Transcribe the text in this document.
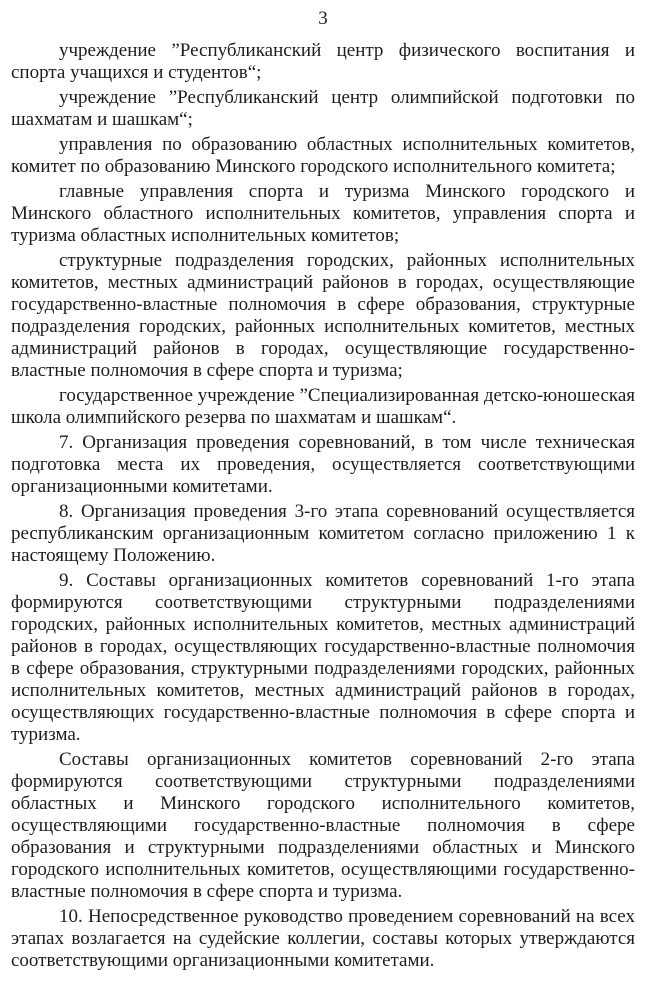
3

учреждение ”Республиканский центр физического воспитания и спорта учащихся и студентов“;

учреждение ”Республиканский центр олимпийской подготовки по шахматам и шашкам“;

управления по образованию областных исполнительных комитетов, комитет по образованию Минского городского исполнительного комитета;

главные управления спорта и туризма Минского городского и Минского областного исполнительных комитетов, управления спорта и туризма областных исполнительных комитетов;

структурные подразделения городских, районных исполнительных комитетов, местных администраций районов в городах, осуществляющие государственно-властные полномочия в сфере образования, структурные подразделения городских, районных исполнительных комитетов, местных администраций районов в городах, осуществляющие государственно-властные полномочия в сфере спорта и туризма;

государственное учреждение ”Специализированная детско-юношеская школа олимпийского резерва по шахматам и шашкам“.

7. Организация проведения соревнований, в том числе техническая подготовка места их проведения, осуществляется соответствующими организационными комитетами.

8. Организация проведения 3-го этапа соревнований осуществляется республиканским организационным комитетом согласно приложению 1 к настоящему Положению.

9. Составы организационных комитетов соревнований 1-го этапа формируются соответствующими структурными подразделениями городских, районных исполнительных комитетов, местных администраций районов в городах, осуществляющих государственно-властные полномочия в сфере образования, структурными подразделениями городских, районных исполнительных комитетов, местных администраций районов в городах, осуществляющих государственно-властные полномочия в сфере спорта и туризма.

Составы организационных комитетов соревнований 2-го этапа формируются соответствующими структурными подразделениями областных и Минского городского исполнительного комитетов, осуществляющими государственно-властные полномочия в сфере образования и структурными подразделениями областных и Минского городского исполнительных комитетов, осуществляющими государственно-властные полномочия в сфере спорта и туризма.

10. Непосредственное руководство проведением соревнований на всех этапах возлагается на судейские коллегии, составы которых утверждаются соответствующими организационными комитетами.
